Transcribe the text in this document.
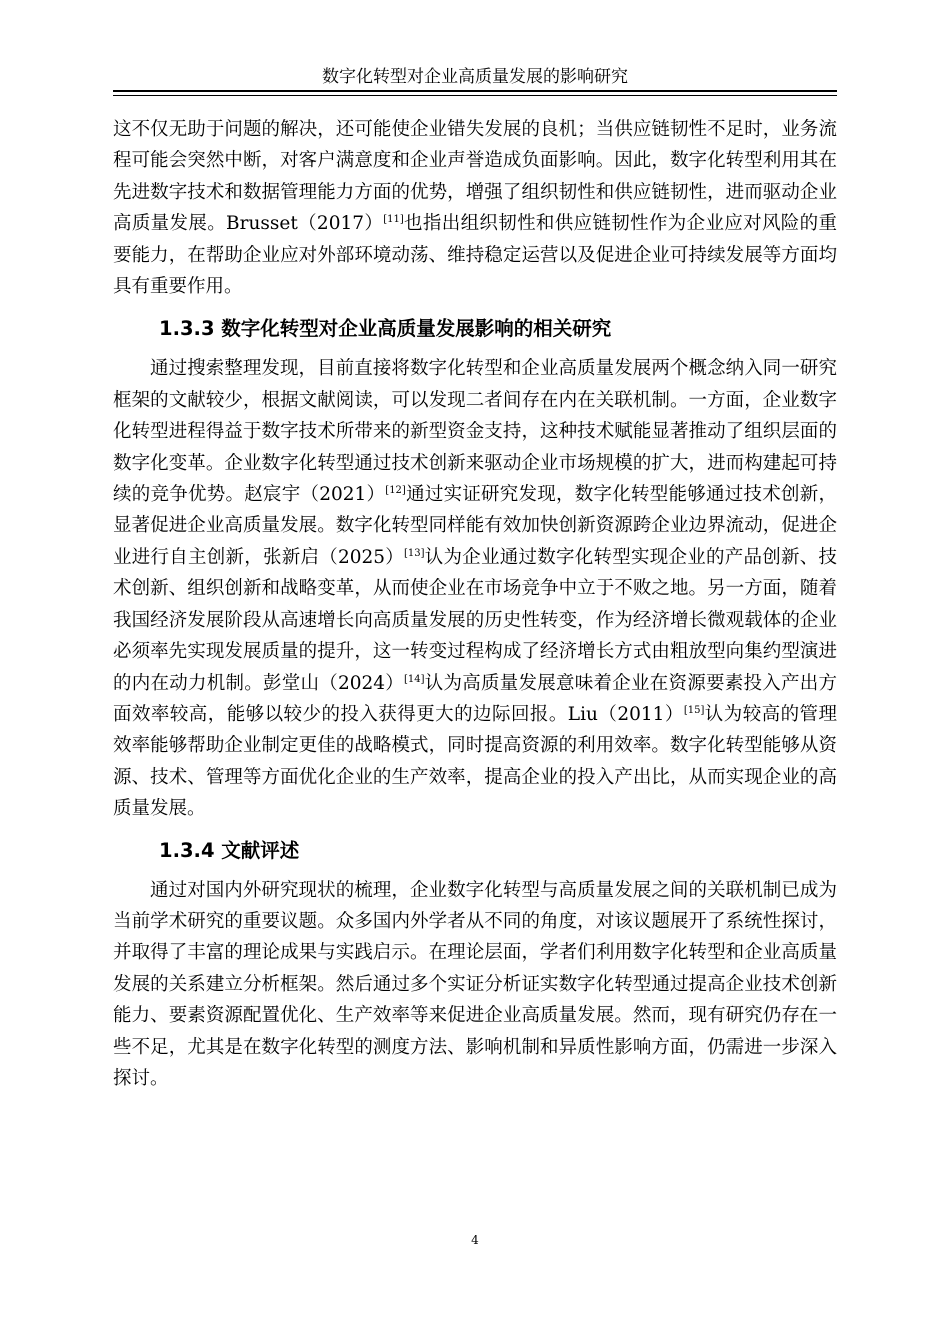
数字化转型对企业高质量发展的影响研究

这不仅无助于问题的解决，还可能使企业错失发展的良机；当供应链韧性不足时，业务流程可能会突然中断，对客户满意度和企业声誉造成负面影响。因此，数字化转型利用其在先进数字技术和数据管理能力方面的优势，增强了组织韧性和供应链韧性，进而驱动企业高质量发展。Brusset（2017）[11]也指出组织韧性和供应链韧性作为企业应对风险的重要能力，在帮助企业应对外部环境动荡、维持稳定运营以及促进企业可持续发展等方面均具有重要作用。

1.3.3 数字化转型对企业高质量发展影响的相关研究

通过搜索整理发现，目前直接将数字化转型和企业高质量发展两个概念纳入同一研究框架的文献较少，根据文献阅读，可以发现二者间存在内在关联机制。一方面，企业数字化转型进程得益于数字技术所带来的新型资金支持，这种技术赋能显著推动了组织层面的数字化变革。企业数字化转型通过技术创新来驱动企业市场规模的扩大，进而构建起可持续的竞争优势。赵宸宇（2021）[12]通过实证研究发现，数字化转型能够通过技术创新，显著促进企业高质量发展。数字化转型同样能有效加快创新资源跨企业边界流动，促进企业进行自主创新，张新启（2025）[13]认为企业通过数字化转型实现企业的产品创新、技术创新、组织创新和战略变革，从而使企业在市场竞争中立于不败之地。另一方面，随着我国经济发展阶段从高速增长向高质量发展的历史性转变，作为经济增长微观载体的企业必须率先实现发展质量的提升，这一转变过程构成了经济增长方式由粗放型向集约型演进的内在动力机制。彭堂山（2024）[14]认为高质量发展意味着企业在资源要素投入产出方面效率较高，能够以较少的投入获得更大的边际回报。Liu（2011）[15]认为较高的管理效率能够帮助企业制定更佳的战略模式，同时提高资源的利用效率。数字化转型能够从资源、技术、管理等方面优化企业的生产效率，提高企业的投入产出比，从而实现企业的高质量发展。

1.3.4 文献评述

通过对国内外研究现状的梳理，企业数字化转型与高质量发展之间的关联机制已成为当前学术研究的重要议题。众多国内外学者从不同的角度，对该议题展开了系统性探讨，并取得了丰富的理论成果与实践启示。在理论层面，学者们利用数字化转型和企业高质量发展的关系建立分析框架。然后通过多个实证分析证实数字化转型通过提高企业技术创新能力、要素资源配置优化、生产效率等来促进企业高质量发展。然而，现有研究仍存在一些不足，尤其是在数字化转型的测度方法、影响机制和异质性影响方面，仍需进一步深入探讨。

4
